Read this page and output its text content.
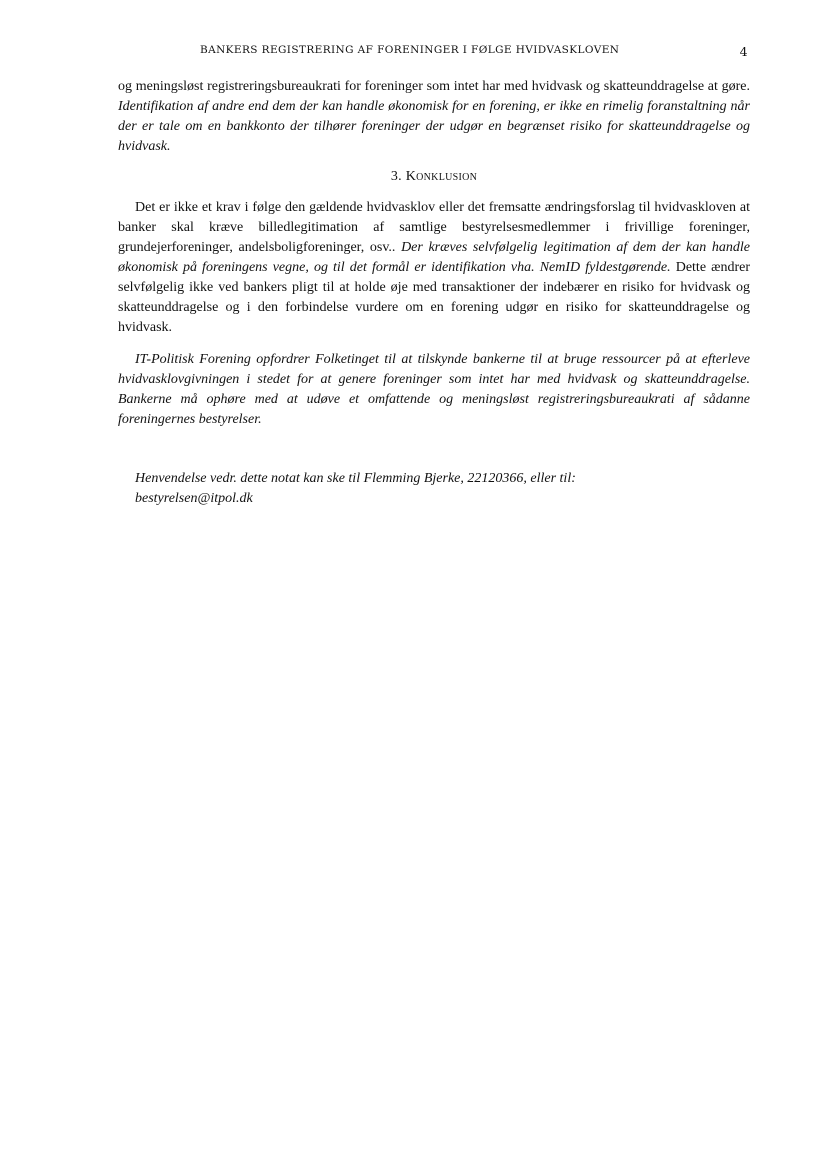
BANKERS REGISTRERING AF FORENINGER I FØLGE HVIDVASKLOVEN	4
og meningsløst registreringsbureaukrati for foreninger som intet har med hvidvask og skatteunddragelse at gøre. Identifikation af andre end dem der kan handle økonomisk for en forening, er ikke en rimelig foranstaltning når der er tale om en bankkonto der tilhører foreninger der udgør en begrænset risiko for skatteunddragelse og hvidvask.
3. Konklusion

Det er ikke et krav i følge den gældende hvidvasklov eller det fremsatte ændringsforslag til hvidvaskloven at banker skal kræve billedlegitimation af samtlige bestyrelsesmedlemmer i frivillige foreninger, grundejerforeninger, andelsboligforeninger, osv.. Der kræves selvfølgelig legitimation af dem der kan handle økonomisk på foreningens vegne, og til det formål er identifikation vha. NemID fyldestgørende. Dette ændrer selvfølgelig ikke ved bankers pligt til at holde øje med transaktioner der indebærer en risiko for hvidvask og skatteunddragelse og i den forbindelse vurdere om en forening udgør en risiko for skatteunddragelse og hvidvask.

IT-Politisk Forening opfordrer Folketinget til at tilskynde bankerne til at bruge ressourcer på at efterleve hvidvasklovgivningen i stedet for at genere foreninger som intet har med hvidvask og skatteunddragelse. Bankerne må ophøre med at udøve et omfattende og meningsløst registreringsbureaukrati af sådanne foreningernes bestyrelser.
Henvendelse vedr. dette notat kan ske til Flemming Bjerke, 22120366, eller til:
bestyrelsen@itpol.dk
